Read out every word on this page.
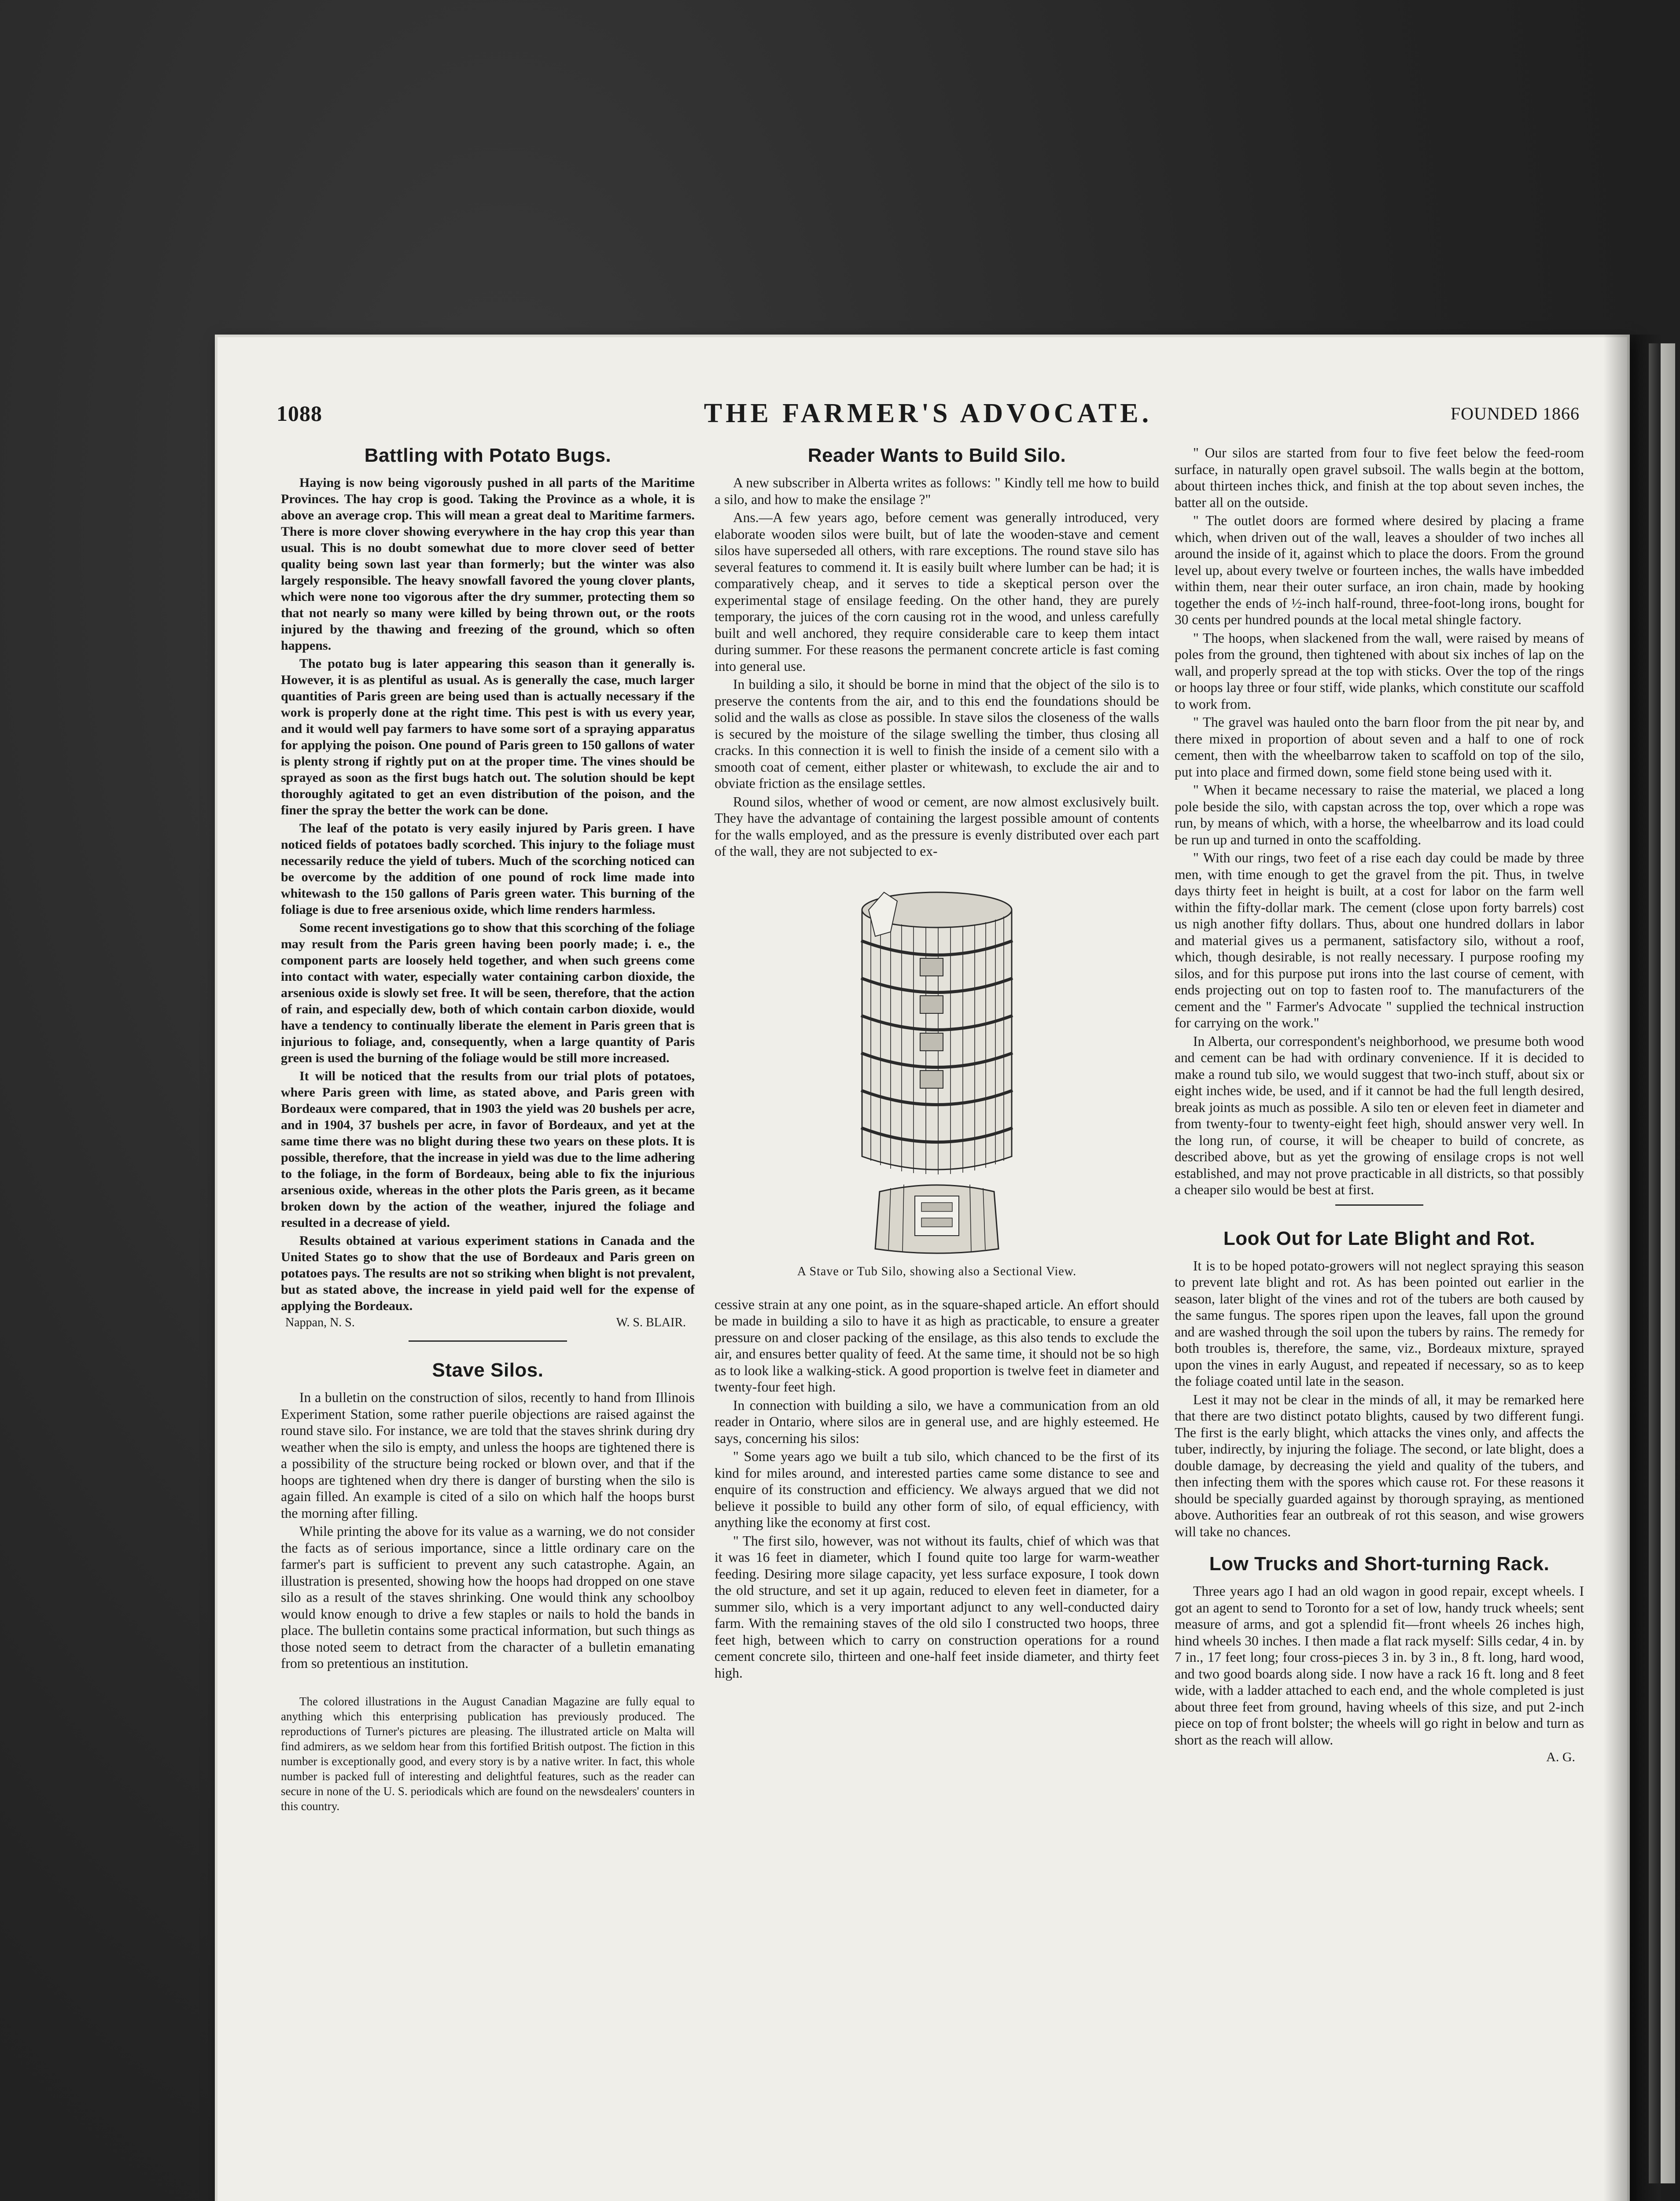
1088	THE FARMER'S ADVOCATE.	FOUNDED 1866
Battling with Potato Bugs.

Haying is now being vigorously pushed in all parts of the Maritime Provinces. The hay crop is good. Taking the Province as a whole, it is above an average crop. This will mean a great deal to Maritime farmers. There is more clover showing everywhere in the hay crop this year than usual. This is no doubt somewhat due to more clover seed of better quality being sown last year than formerly; but the winter was also largely responsible. The heavy snowfall favored the young clover plants, which were none too vigorous after the dry summer, protecting them so that not nearly so many were killed by being thrown out, or the roots injured by the thawing and freezing of the ground, which so often happens.

The potato bug is later appearing this season than it generally is. However, it is as plentiful as usual. As is generally the case, much larger quantities of Paris green are being used than is actually necessary if the work is properly done at the right time. This pest is with us every year, and it would well pay farmers to have some sort of a spraying apparatus for applying the poison. One pound of Paris green to 150 gallons of water is plenty strong if rightly put on at the proper time. The vines should be sprayed as soon as the first bugs hatch out. The solution should be kept thoroughly agitated to get an even distribution of the poison, and the finer the spray the better the work can be done.

The leaf of the potato is very easily injured by Paris green. I have noticed fields of potatoes badly scorched. This injury to the foliage must necessarily reduce the yield of tubers. Much of the scorching noticed can be overcome by the addition of one pound of rock lime made into whitewash to the 150 gallons of Paris green water. This burning of the foliage is due to free arsenious oxide, which lime renders harmless.

Some recent investigations go to show that this scorching of the foliage may result from the Paris green having been poorly made; i. e., the component parts are loosely held together, and when such greens come into contact with water, especially water containing carbon dioxide, the arsenious oxide is slowly set free. It will be seen, therefore, that the action of rain, and especially dew, both of which contain carbon dioxide, would have a tendency to continually liberate the element in Paris green that is injurious to foliage, and, consequently, when a large quantity of Paris green is used the burning of the foliage would be still more increased.

It will be noticed that the results from our trial plots of potatoes, where Paris green with lime, as stated above, and Paris green with Bordeaux were compared, that in 1903 the yield was 20 bushels per acre, and in 1904, 37 bushels per acre, in favor of Bordeaux, and yet at the same time there was no blight during these two years on these plots. It is possible, therefore, that the increase in yield was due to the lime adhering to the foliage, in the form of Bordeaux, being able to fix the injurious arsenious oxide, whereas in the other plots the Paris green, as it became broken down by the action of the weather, injured the foliage and resulted in a decrease of yield.

Results obtained at various experiment stations in Canada and the United States go to show that the use of Bordeaux and Paris green on potatoes pays. The results are not so striking when blight is not prevalent, but as stated above, the increase in yield paid well for the expense of applying the Bordeaux.

Nappan, N. S.	W. S. BLAIR.
Stave Silos.

In a bulletin on the construction of silos, recently to hand from Illinois Experiment Station, some rather puerile objections are raised against the round stave silo. For instance, we are told that the staves shrink during dry weather when the silo is empty, and unless the hoops are tightened there is a possibility of the structure being rocked or blown over, and that if the hoops are tightened when dry there is danger of bursting when the silo is again filled. An example is cited of a silo on which half the hoops burst the morning after filling.

While printing the above for its value as a warning, we do not consider the facts as of serious importance, since a little ordinary care on the farmer's part is sufficient to prevent any such catastrophe. Again, an illustration is presented, showing how the hoops had dropped on one stave silo as a result of the staves shrinking. One would think any schoolboy would know enough to drive a few staples or nails to hold the bands in place. The bulletin contains some practical information, but such things as those noted seem to detract from the character of a bulletin emanating from so pretentious an institution.

The colored illustrations in the August Canadian Magazine are fully equal to anything which this enterprising publication has previously produced. The reproductions of Turner's pictures are pleasing. The illustrated article on Malta will find admirers, as we seldom hear from this fortified British outpost. The fiction in this number is exceptionally good, and every story is by a native writer. In fact, this whole number is packed full of interesting and delightful features, such as the reader can secure in none of the U. S. periodicals which are found on the newsdealers' counters in this country.

Reader Wants to Build Silo.

A new subscriber in Alberta writes as follows: " Kindly tell me how to build a silo, and how to make the ensilage ?"

Ans.—A few years ago, before cement was generally introduced, very elaborate wooden silos were built, but of late the wooden-stave and cement silos have superseded all others, with rare exceptions. The round stave silo has several features to commend it. It is easily built where lumber can be had; it is comparatively cheap, and it serves to tide a skeptical person over the experimental stage of ensilage feeding. On the other hand, they are purely temporary, the juices of the corn causing rot in the wood, and unless carefully built and well anchored, they require considerable care to keep them intact during summer. For these reasons the permanent concrete article is fast coming into general use.

In building a silo, it should be borne in mind that the object of the silo is to preserve the contents from the air, and to this end the foundations should be solid and the walls as close as possible. In stave silos the closeness of the walls is secured by the moisture of the silage swelling the timber, thus closing all cracks. In this connection it is well to finish the inside of a cement silo with a smooth coat of cement, either plaster or whitewash, to exclude the air and to obviate friction as the ensilage settles.

Round silos, whether of wood or cement, are now almost exclusively built. They have the advantage of containing the largest possible amount of contents for the walls employed, and as the pressure is evenly distributed over each part of the wall, they are not subjected to ex-

A Stave or Tub Silo, showing also a Sectional View.

cessive strain at any one point, as in the square-shaped article. An effort should be made in building a silo to have it as high as practicable, to ensure a greater pressure on and closer packing of the ensilage, as this also tends to exclude the air, and ensures better quality of feed. At the same time, it should not be so high as to look like a walking-stick. A good proportion is twelve feet in diameter and twenty-four feet high.

In connection with building a silo, we have a communication from an old reader in Ontario, where silos are in general use, and are highly esteemed. He says, concerning his silos:

" Some years ago we built a tub silo, which chanced to be the first of its kind for miles around, and interested parties came some distance to see and enquire of its construction and efficiency. We always argued that we did not believe it possible to build any other form of silo, of equal efficiency, with anything like the economy at first cost.

" The first silo, however, was not without its faults, chief of which was that it was 16 feet in diameter, which I found quite too large for warm-weather feeding. Desiring more silage capacity, yet less surface exposure, I took down the old structure, and set it up again, reduced to eleven feet in diameter, for a summer silo, which is a very important adjunct to any well-conducted dairy farm. With the remaining staves of the old silo I constructed two hoops, three feet high, between which to carry on construction operations for a round cement concrete silo, thirteen and one-half feet inside diameter, and thirty feet high.

" Our silos are started from four to five feet below the feed-room surface, in naturally open gravel subsoil. The walls begin at the bottom, about thirteen inches thick, and finish at the top about seven inches, the batter all on the outside.

" The outlet doors are formed where desired by placing a frame which, when driven out of the wall, leaves a shoulder of two inches all around the inside of it, against which to place the doors. From the ground level up, about every twelve or fourteen inches, the walls have imbedded within them, near their outer surface, an iron chain, made by hooking together the ends of ½-inch half-round, three-foot-long irons, bought for 30 cents per hundred pounds at the local metal shingle factory.

" The hoops, when slackened from the wall, were raised by means of poles from the ground, then tightened with about six inches of lap on the wall, and properly spread at the top with sticks. Over the top of the rings or hoops lay three or four stiff, wide planks, which constitute our scaffold to work from.

" The gravel was hauled onto the barn floor from the pit near by, and there mixed in proportion of about seven and a half to one of rock cement, then with the wheelbarrow taken to scaffold on top of the silo, put into place and firmed down, some field stone being used with it.

" When it became necessary to raise the material, we placed a long pole beside the silo, with capstan across the top, over which a rope was run, by means of which, with a horse, the wheelbarrow and its load could be run up and turned in onto the scaffolding.

" With our rings, two feet of a rise each day could be made by three men, with time enough to get the gravel from the pit. Thus, in twelve days thirty feet in height is built, at a cost for labor on the farm well within the fifty-dollar mark. The cement (close upon forty barrels) cost us nigh another fifty dollars. Thus, about one hundred dollars in labor and material gives us a permanent, satisfactory silo, without a roof, which, though desirable, is not really necessary. I purpose roofing my silos, and for this purpose put irons into the last course of cement, with ends projecting out on top to fasten roof to. The manufacturers of the cement and the " Farmer's Advocate " supplied the technical instruction for carrying on the work."

In Alberta, our correspondent's neighborhood, we presume both wood and cement can be had with ordinary convenience. If it is decided to make a round tub silo, we would suggest that two-inch stuff, about six or eight inches wide, be used, and if it cannot be had the full length desired, break joints as much as possible. A silo ten or eleven feet in diameter and from twenty-four to twenty-eight feet high, should answer very well. In the long run, of course, it will be cheaper to build of concrete, as described above, but as yet the growing of ensilage crops is not well established, and may not prove practicable in all districts, so that possibly a cheaper silo would be best at first.

Look Out for Late Blight and Rot.

It is to be hoped potato-growers will not neglect spraying this season to prevent late blight and rot. As has been pointed out earlier in the season, later blight of the vines and rot of the tubers are both caused by the same fungus. The spores ripen upon the leaves, fall upon the ground and are washed through the soil upon the tubers by rains. The remedy for both troubles is, therefore, the same, viz., Bordeaux mixture, sprayed upon the vines in early August, and repeated if necessary, so as to keep the foliage coated until late in the season.

Lest it may not be clear in the minds of all, it may be remarked here that there are two distinct potato blights, caused by two different fungi. The first is the early blight, which attacks the vines only, and affects the tuber, indirectly, by injuring the foliage. The second, or late blight, does a double damage, by decreasing the yield and quality of the tubers, and then infecting them with the spores which cause rot. For these reasons it should be specially guarded against by thorough spraying, as mentioned above. Authorities fear an outbreak of rot this season, and wise growers will take no chances.

Low Trucks and Short-turning Rack.

Three years ago I had an old wagon in good repair, except wheels. I got an agent to send to Toronto for a set of low, handy truck wheels; sent measure of arms, and got a splendid fit—front wheels 26 inches high, hind wheels 30 inches. I then made a flat rack myself: Sills cedar, 4 in. by 7 in., 17 feet long; four cross-pieces 3 in. by 3 in., 8 ft. long, hard wood, and two good boards along side. I now have a rack 16 ft. long and 8 feet wide, with a ladder attached to each end, and the whole completed is just about three feet from ground, having wheels of this size, and put 2-inch piece on top of front bolster; the wheels will go right in below and turn as short as the reach will allow.

A. G.
